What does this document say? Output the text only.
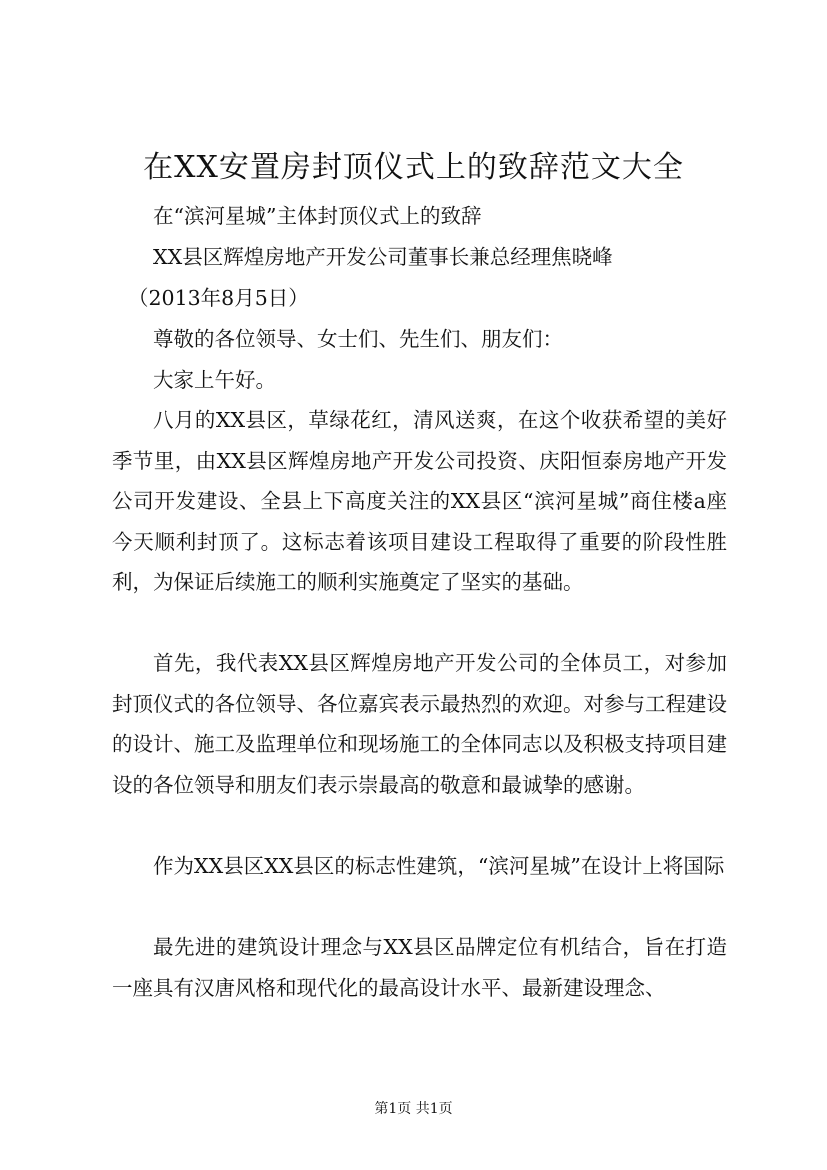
在XX安置房封顶仪式上的致辞范文大全
在“滨河星城”主体封顶仪式上的致辞
XX县区辉煌房地产开发公司董事长兼总经理焦晓峰
（2013年8月5日）
尊敬的各位领导、女士们、先生们、朋友们：
大家上午好。

八月的XX县区，草绿花红，清风送爽，在这个收获希望的美好季节里，由XX县区辉煌房地产开发公司投资、庆阳恒泰房地产开发公司开发建设、全县上下高度关注的XX县区“滨河星城”商住楼a座今天顺利封顶了。这标志着该项目建设工程取得了重要的阶段性胜利，为保证后续施工的顺利实施奠定了坚实的基础。

首先，我代表XX县区辉煌房地产开发公司的全体员工，对参加封顶仪式的各位领导、各位嘉宾表示最热烈的欢迎。对参与工程建设的设计、施工及监理单位和现场施工的全体同志以及积极支持项目建设的各位领导和朋友们表示崇最高的敬意和最诚挚的感谢。

作为XX县区XX县区的标志性建筑，“滨河星城”在设计上将国际

最先进的建筑设计理念与XX县区品牌定位有机结合，旨在打造一座具有汉唐风格和现代化的最高设计水平、最新建设理念、

第1页 共1页
